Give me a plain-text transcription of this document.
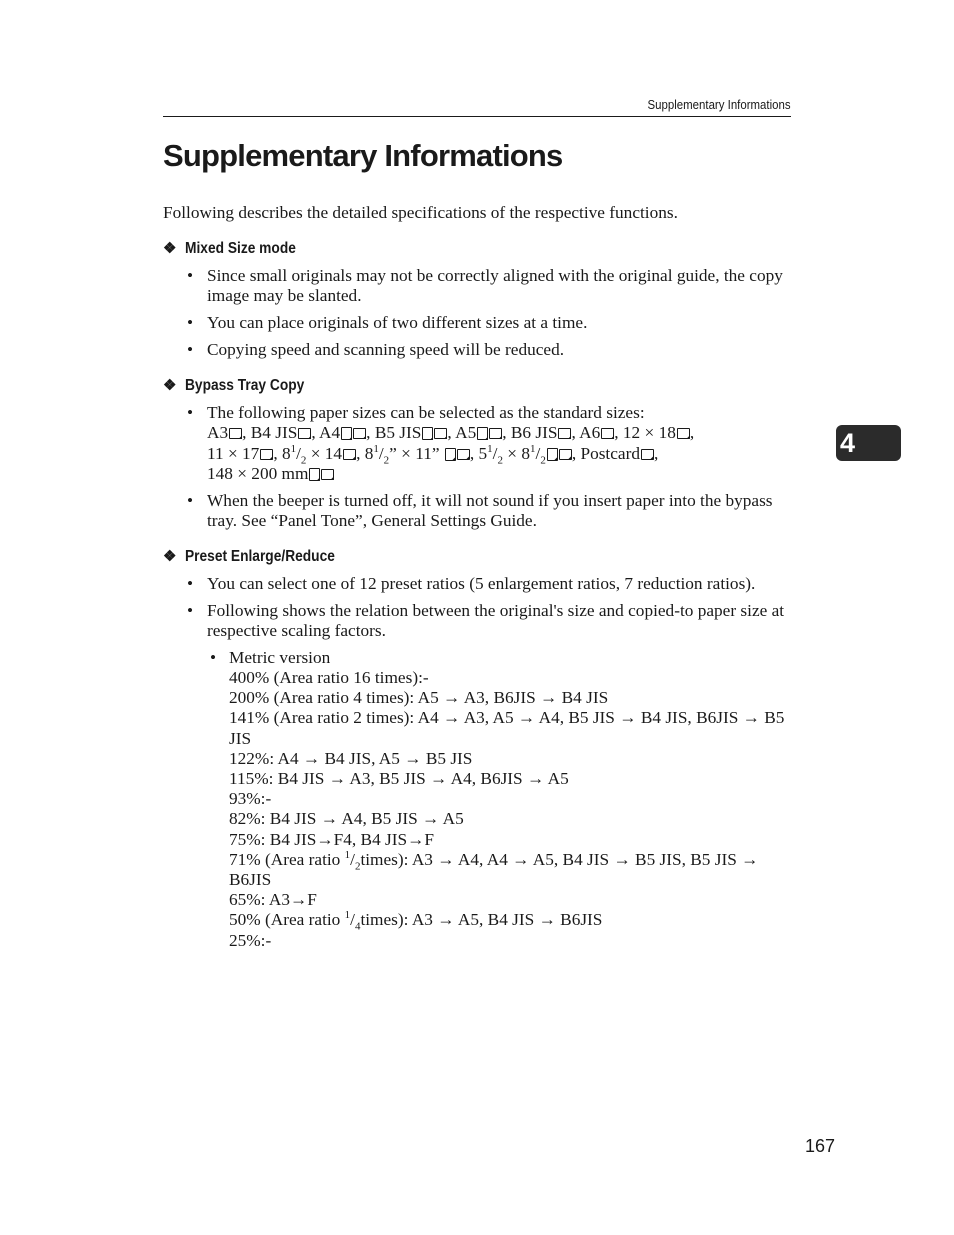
Supplementary Informations
Supplementary Informations

Following describes the detailed specifications of the respective functions.

❖ Mixed Size mode
• Since small originals may not be correctly aligned with the original guide, the copy image may be slanted.
• You can place originals of two different sizes at a time.
• Copying speed and scanning speed will be reduced.
❖ Bypass Tray Copy
• The following paper sizes can be selected as the standard sizes:
A3 , B4 JIS , A4 , B5 JIS , A5 , B6 JIS , A6 , 12 × 18 ,
11 × 17 , $8^1/_2 \times 14$ , $8^1/_2$” × 11” , $5^1/_2 \times 8^1/_2$ , Postcard ,
148 × 200 mm
• When the beeper is turned off, it will not sound if you insert paper into the bypass tray. See “Panel Tone”, General Settings Guide.
❖ Preset Enlarge/Reduce
• You can select one of 12 preset ratios (5 enlargement ratios, 7 reduction ratios).
• Following shows the relation between the original's size and copied-to paper size at respective scaling factors.
• Metric version
400% (Area ratio 16 times):-
200% (Area ratio 4 times): A5 → A3, B6JIS → B4 JIS
141% (Area ratio 2 times): A4 → A3, A5 → A4, B5 JIS → B4 JIS, B6JIS → B5 JIS
122%: A4 → B4 JIS, A5 → B5 JIS
115%: B4 JIS → A3, B5 JIS → A4, B6JIS → A5
93%:-
82%: B4 JIS → A4, B5 JIS → A5
75%: B4 JIS→F4, B4 JIS→F
71% (Area ratio $^1/_2times$): A3 → A4, A4 → A5, B4 JIS → B5 JIS, B5 JIS → B6JIS
65%: A3→F
50% (Area ratio $^1/_4times$): A3 → A5, B4 JIS → B6JIS
25%:-
4
167
